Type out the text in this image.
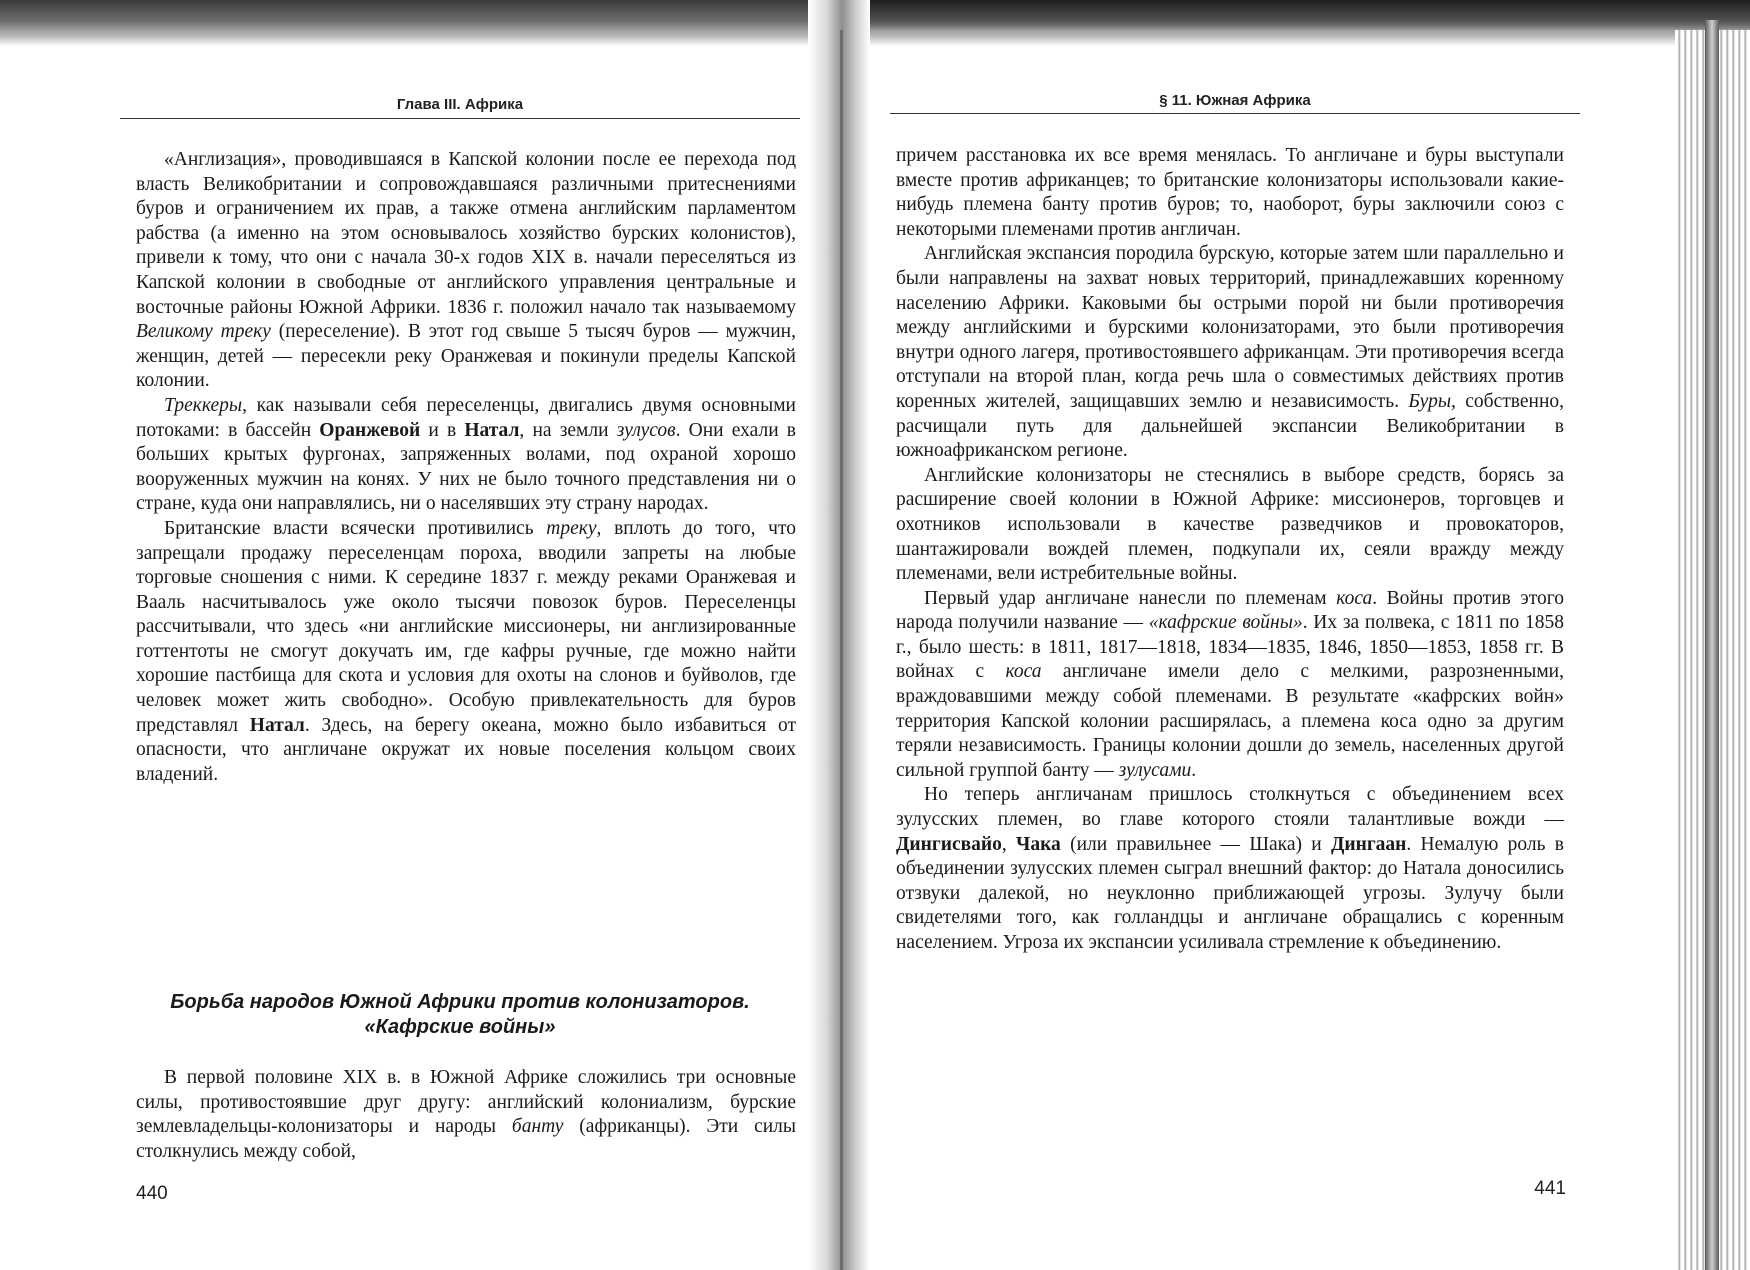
Глава III. Африка

«Англизация», проводившаяся в Капской колонии после ее перехода под власть Великобритании и сопровождавшаяся различными притеснениями буров и ограничением их прав, а также отмена английским парламентом рабства (а именно на этом основывалось хозяйство бурских колонистов), привели к тому, что они с начала 30-х годов XIX в. начали переселяться из Капской колонии в свободные от английского управления центральные и восточные районы Южной Африки. 1836 г. положил начало так называемому Великому треку (переселение). В этот год свыше 5 тысяч буров — мужчин, женщин, детей — пересекли реку Оранжевая и покинули пределы Капской колонии.

Треккеры, как называли себя переселенцы, двигались двумя основными потоками: в бассейн Оранжевой и в Натал, на земли зулусов. Они ехали в больших крытых фургонах, запряженных волами, под охраной хорошо вооруженных мужчин на конях. У них не было точного представления ни о стране, куда они направлялись, ни о населявших эту страну народах.

Британские власти всячески противились треку, вплоть до того, что запрещали продажу переселенцам пороха, вводили запреты на любые торговые сношения с ними. К середине 1837 г. между реками Оранжевая и Вааль насчитывалось уже около тысячи повозок буров. Переселенцы рассчитывали, что здесь «ни английские миссионеры, ни англизированные готтентоты не смогут докучать им, где кафры ручные, где можно найти хорошие пастбища для скота и условия для охоты на слонов и буйволов, где человек может жить свободно». Особую привлекательность для буров представлял Натал. Здесь, на берегу океана, можно было избавиться от опасности, что англичане окружат их новые поселения кольцом своих владений.

Борьба народов Южной Африки против колонизаторов.
«Кафрские войны»

В первой половине XIX в. в Южной Африке сложились три основные силы, противостоявшие друг другу: английский колониализм, бурские землевладельцы-колонизаторы и народы банту (африканцы). Эти силы столкнулись между собой,

440
§ 11. Южная Африка

причем расстановка их все время менялась. То англичане и буры выступали вместе против африканцев; то британские колонизаторы использовали какие-нибудь племена банту против буров; то, наоборот, буры заключили союз с некоторыми племенами против англичан.

Английская экспансия породила бурскую, которые затем шли параллельно и были направлены на захват новых территорий, принадлежавших коренному населению Африки. Каковыми бы острыми порой ни были противоречия между английскими и бурскими колонизаторами, это были противоречия внутри одного лагеря, противостоявшего африканцам. Эти противоречия всегда отступали на второй план, когда речь шла о совместимых действиях против коренных жителей, защищавших землю и независимость. Буры, собственно, расчищали путь для дальнейшей экспансии Великобритании в южноафриканском регионе.

Английские колонизаторы не стеснялись в выборе средств, борясь за расширение своей колонии в Южной Африке: миссионеров, торговцев и охотников использовали в качестве разведчиков и провокаторов, шантажировали вождей племен, подкупали их, сеяли вражду между племенами, вели истребительные войны.

Первый удар англичане нанесли по племенам коса. Войны против этого народа получили название — «кафрские войны». Их за полвека, с 1811 по 1858 г., было шесть: в 1811, 1817—1818, 1834—1835, 1846, 1850—1853, 1858 гг. В войнах с коса англичане имели дело с мелкими, разрозненными, враждовавшими между собой племенами. В результате «кафрских войн» территория Капской колонии расширялась, а племена коса одно за другим теряли независимость. Границы колонии дошли до земель, населенных другой сильной группой банту — зулусами.

Но теперь англичанам пришлось столкнуться с объединением всех зулусских племен, во главе которого стояли талантливые вожди — Дингисвайо, Чака (или правильнее — Шака) и Дингаан. Немалую роль в объединении зулусских племен сыграл внешний фактор: до Натала доносились отзвуки далекой, но неуклонно приближающей угрозы. Зулучу были свидетелями того, как голландцы и англичане обращались с коренным населением. Угроза их экспансии усиливала стремление к объединению.

441
